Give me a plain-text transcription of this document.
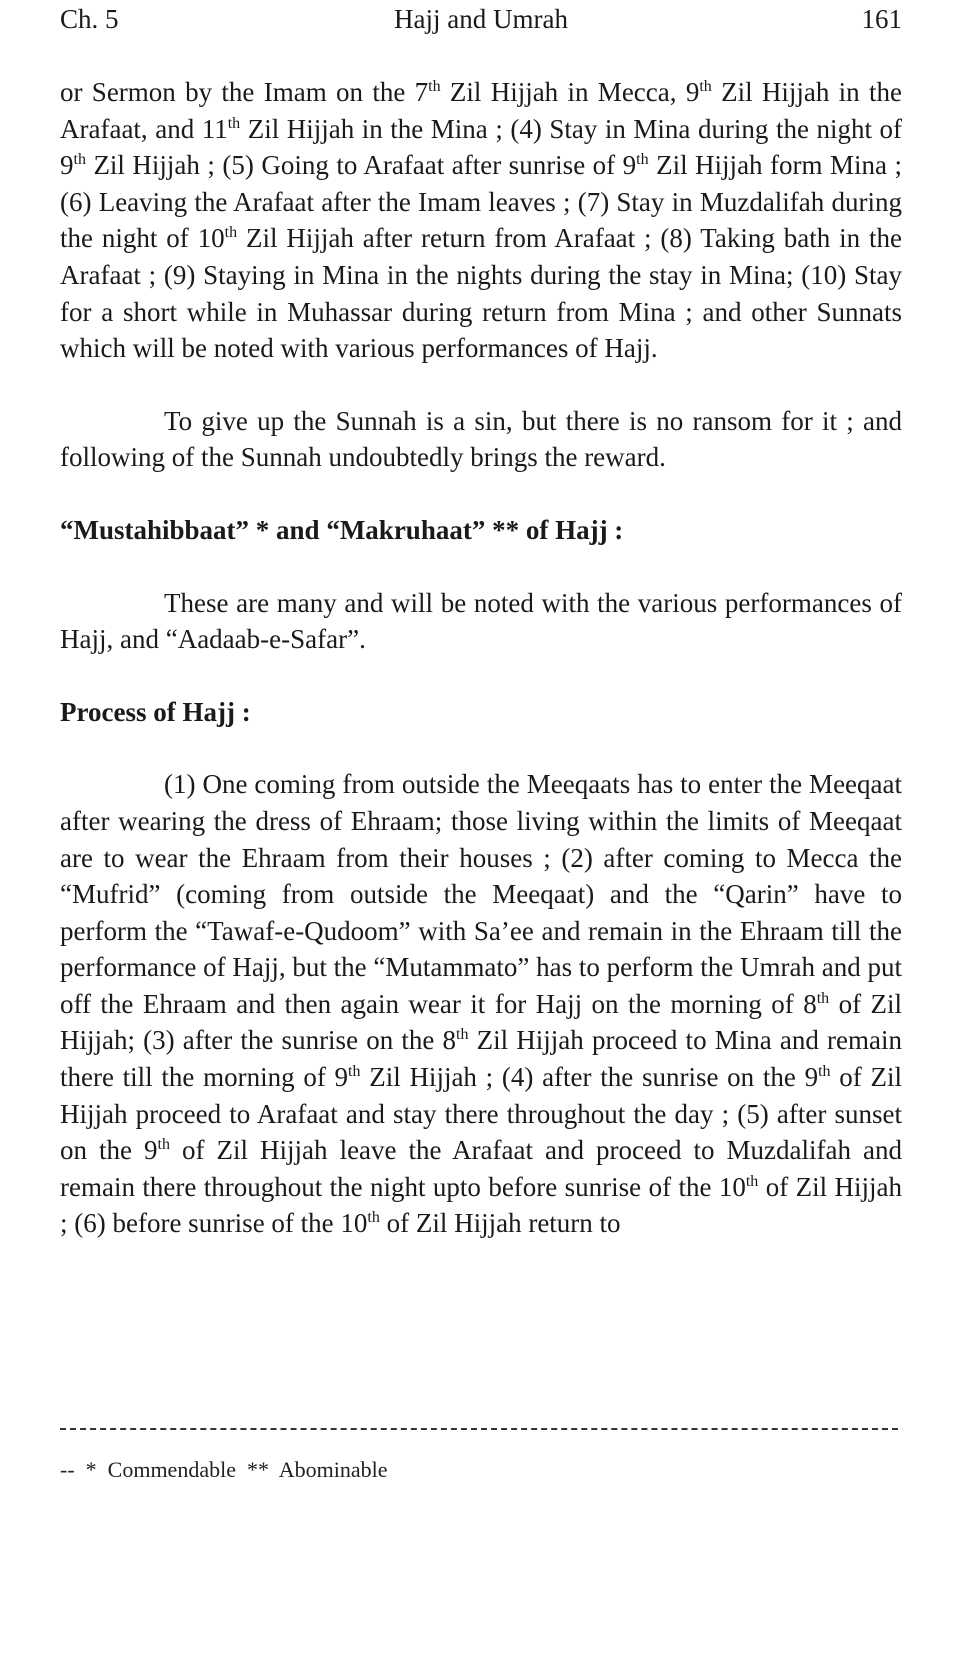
Ch. 5	Hajj and Umrah	161

or Sermon by the Imam on the 7th Zil Hijjah in Mecca, 9th Zil Hijjah in the Arafaat, and 11th Zil Hijjah in the Mina ; (4) Stay in Mina during the night of 9th Zil Hijjah ; (5) Going to Arafaat after sunrise of 9th Zil Hijjah form Mina ; (6) Leaving the Arafaat after the Imam leaves ; (7) Stay in Muzdalifah during the night of 10th Zil Hijjah after return from Arafaat ; (8) Taking bath in the Arafaat ; (9) Staying in Mina in the nights during the stay in Mina; (10) Stay for a short while in Muhassar during return from Mina ; and other Sunnats which will be noted with various performances of Hajj.

To give up the Sunnah is a sin, but there is no ransom for it ; and following of the Sunnah undoubtedly brings the reward.

“Mustahibbaat” * and “Makruhaat” ** of Hajj :

These are many and will be noted with the various performances of Hajj, and “Aadaab-e-Safar”.

Process of Hajj :

(1) One coming from outside the Meeqaats has to enter the Meeqaat after wearing the dress of Ehraam; those living within the limits of Meeqaat are to wear the Ehraam from their houses ; (2) after coming to Mecca the “Mufrid” (coming from outside the Meeqaat) and the “Qarin” have to perform the “Tawaf-e-Qudoom” with Sa’ee and remain in the Ehraam till the performance of Hajj, but the “Mutammato” has to perform the Umrah and put off the Ehraam and then again wear it for Hajj on the morning of 8th of Zil Hijjah; (3) after the sunrise on the 8th Zil Hijjah proceed to Mina and remain there till the morning of 9th Zil Hijjah ; (4) after the sunrise on the 9th of Zil Hijjah proceed to Arafaat and stay there throughout the day ; (5) after sunset on the 9th of Zil Hijjah leave the Arafaat and proceed to Muzdalifah and remain there throughout the night upto before sunrise of the 10th of Zil Hijjah ; (6) before sunrise of the 10th of Zil Hijjah return to

--  *  Commendable  **  Abominable
